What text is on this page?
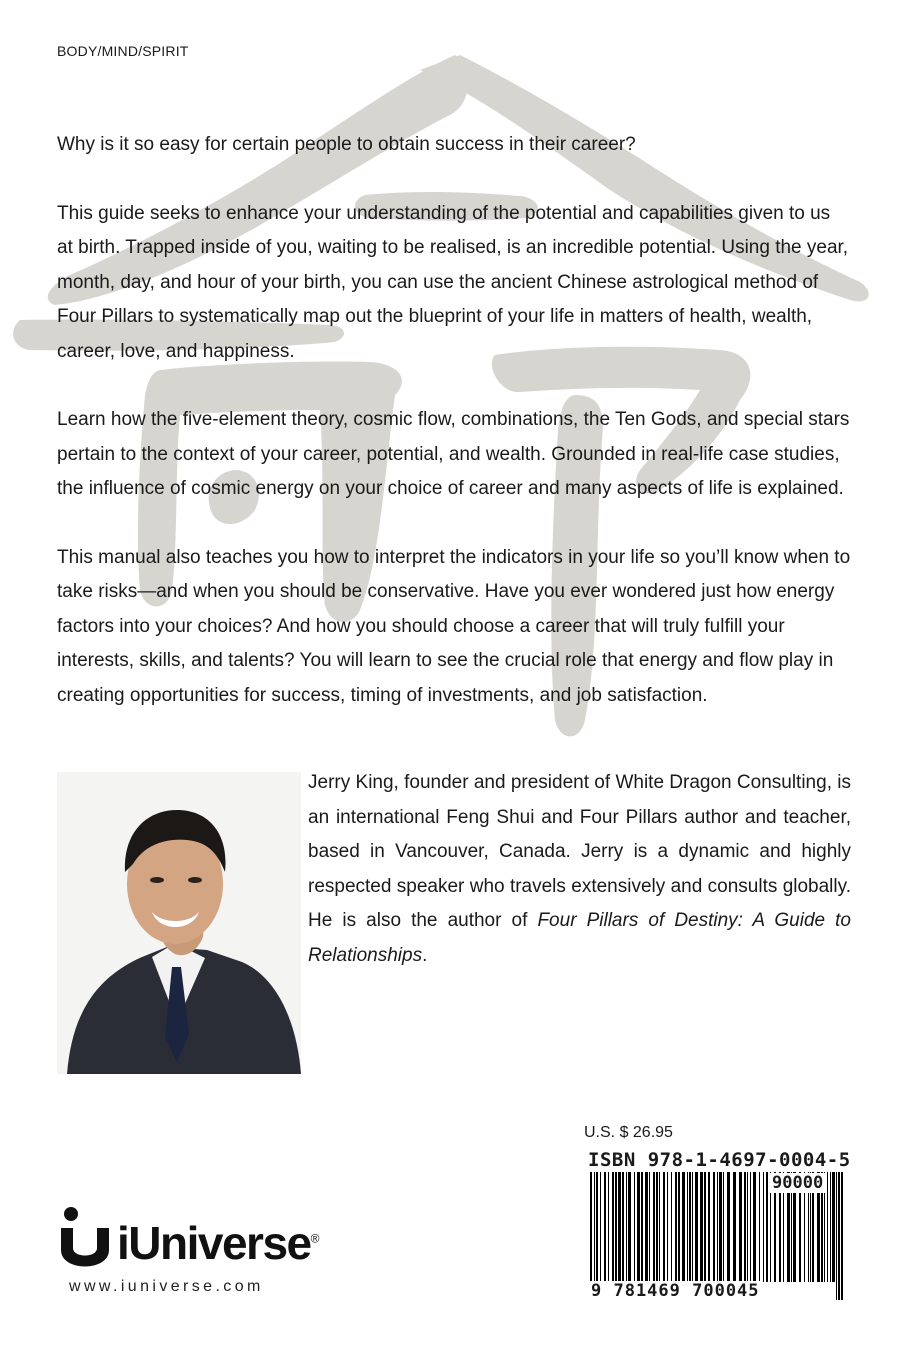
BODY/MIND/SPIRIT

Why is it so easy for certain people to obtain success in their career?

This guide seeks to enhance your understanding of the potential and capabilities given to us at birth. Trapped inside of you, waiting to be realised, is an incredible potential. Using the year, month, day, and hour of your birth, you can use the ancient Chinese astrological method of Four Pillars to systematically map out the blueprint of your life in matters of health, wealth, career, love, and happiness.

Learn how the five-element theory, cosmic flow, combinations, the Ten Gods, and special stars pertain to the context of your career, potential, and wealth. Grounded in real-life case studies, the influence of cosmic energy on your choice of career and many aspects of life is explained.

This manual also teaches you how to interpret the indicators in your life so you’ll know when to take risks—and when you should be conservative. Have you ever wondered just how energy factors into your choices? And how you should choose a career that will truly fulfill your interests, skills, and talents? You will learn to see the crucial role that energy and flow play in creating opportunities for success, timing of investments, and job satisfaction.

Jerry King, founder and president of White Dragon Consulting, is an international Feng Shui and Four Pillars author and teacher, based in Vancouver, Canada. Jerry is a dynamic and highly respected speaker who travels extensively and consults globally. He is also the author of Four Pillars of Destiny: A Guide to Relationships.
iUniverse®
www.iuniverse.com
U.S. $ 26.95
ISBN 978-1-4697-0004-5
90000
9 781469 700045
